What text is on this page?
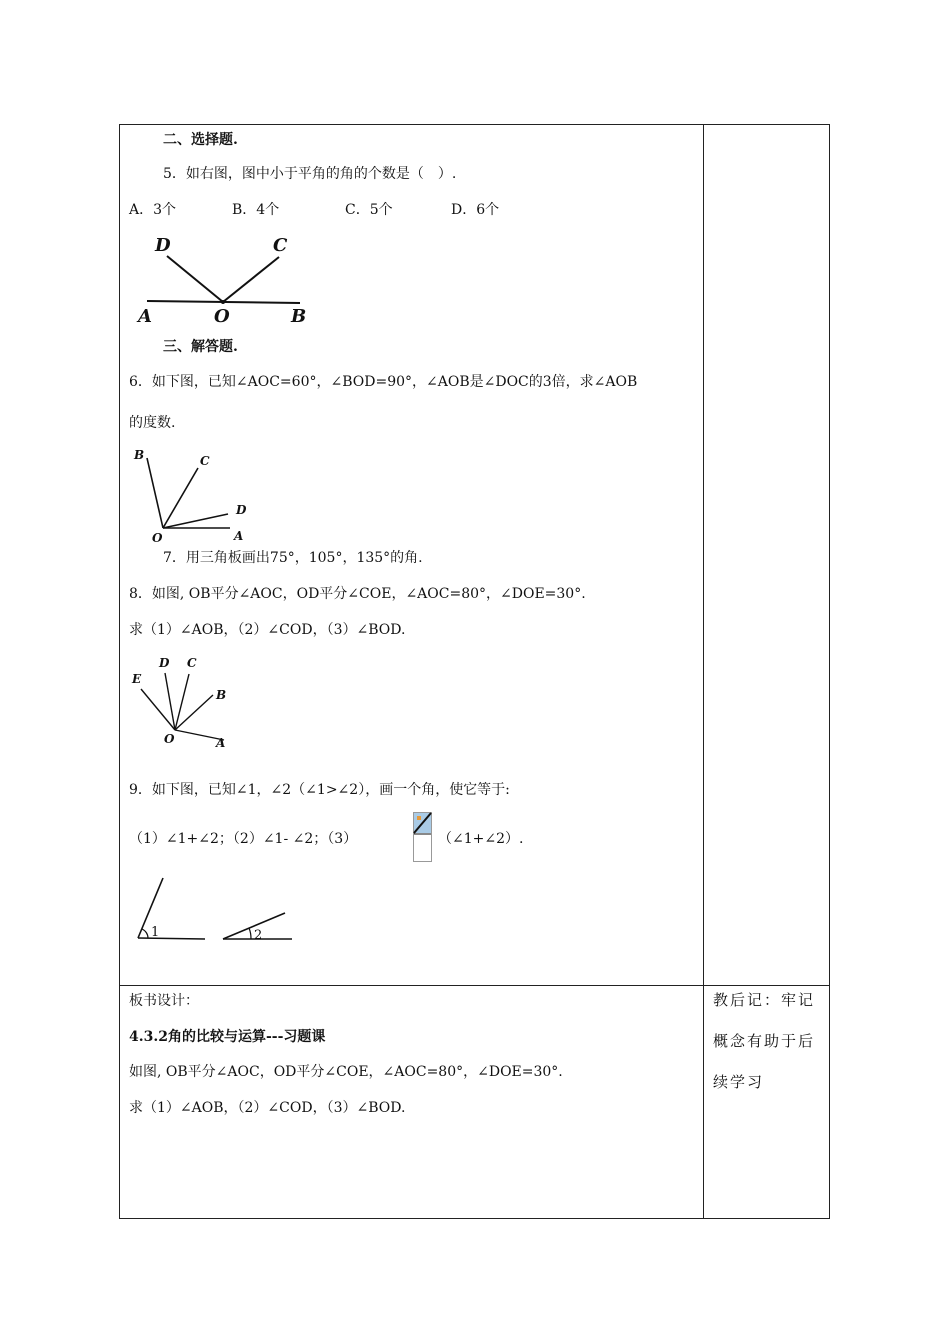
二、选择题.
5．如右图，图中小于平角的角的个数是（　）.
A．3个	B．4个	C．5个	D．6个
D	C
A	O	B
三、解答题.
6．如下图，已知∠AOC=60°，∠BOD=90°，∠AOB是∠DOC的3倍，求∠AOB
的度数.
B	C
D
O	A
7．用三角板画出75°，105°，135°的角.
8．如图, OB平分∠AOC，OD平分∠COE，∠AOC=80°，∠DOE=30°.
求（1）∠AOB，（2）∠COD，（3）∠BOD.
D C
E
B
O	A
9．如下图，已知∠1，∠2（∠1>∠2），画一个角，使它等于:
（1）∠1+∠2；（2）∠1- ∠2；（3）	（∠1+∠2）.
1	2
板书设计：
4.3.2角的比较与运算---习题课
如图, OB平分∠AOC，OD平分∠COE，∠AOC=80°，∠DOE=30°.
求（1）∠AOB，（2）∠COD，（3）∠BOD.
教后记：牢记
概念有助于后
续学习
